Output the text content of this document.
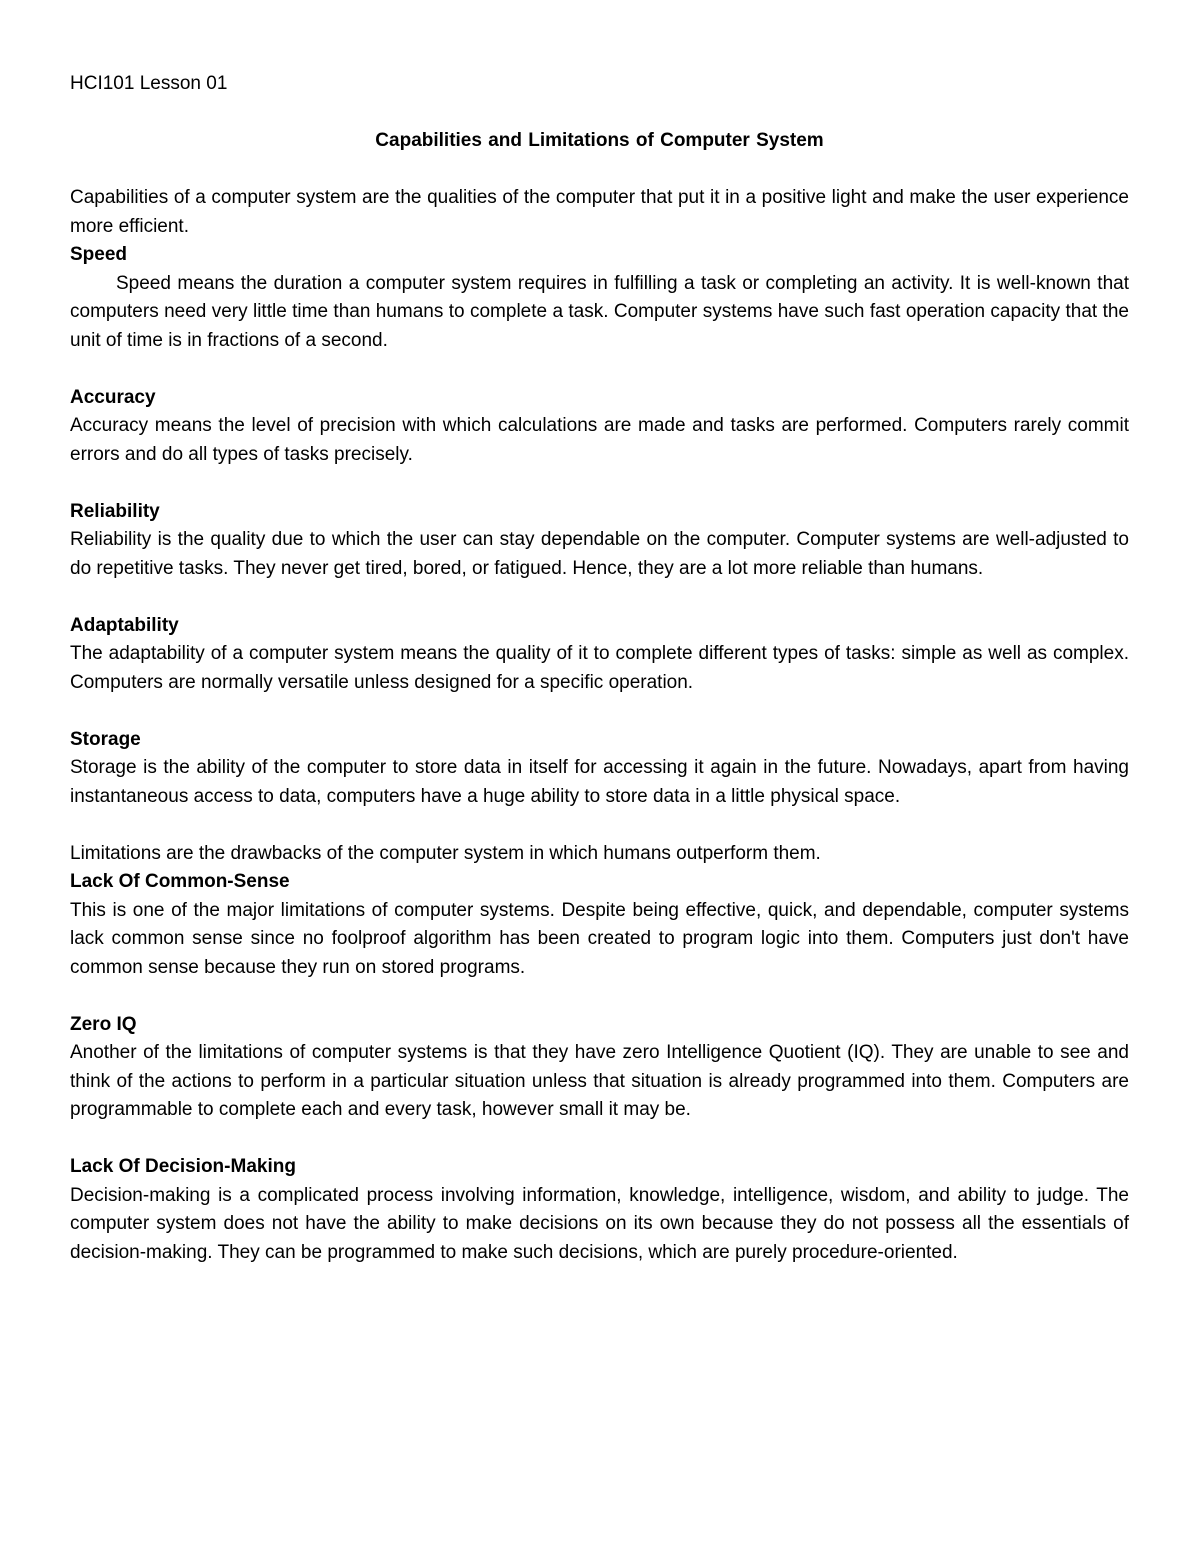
HCI101 Lesson 01

Capabilities and Limitations of Computer System

Capabilities of a computer system are the qualities of the computer that put it in a positive light and make the user experience more efficient.

Speed

Speed means the duration a computer system requires in fulfilling a task or completing an activity. It is well-known that computers need very little time than humans to complete a task. Computer systems have such fast operation capacity that the unit of time is in fractions of a second.

Accuracy

Accuracy means the level of precision with which calculations are made and tasks are performed. Computers rarely commit errors and do all types of tasks precisely.

Reliability

Reliability is the quality due to which the user can stay dependable on the computer. Computer systems are well-adjusted to do repetitive tasks. They never get tired, bored, or fatigued. Hence, they are a lot more reliable than humans.

Adaptability

The adaptability of a computer system means the quality of it to complete different types of tasks: simple as well as complex. Computers are normally versatile unless designed for a specific operation.

Storage

Storage is the ability of the computer to store data in itself for accessing it again in the future. Nowadays, apart from having instantaneous access to data, computers have a huge ability to store data in a little physical space.

Limitations are the drawbacks of the computer system in which humans outperform them.

Lack Of Common-Sense

This is one of the major limitations of computer systems. Despite being effective, quick, and dependable, computer systems lack common sense since no foolproof algorithm has been created to program logic into them. Computers just don't have common sense because they run on stored programs.

Zero IQ

Another of the limitations of computer systems is that they have zero Intelligence Quotient (IQ). They are unable to see and think of the actions to perform in a particular situation unless that situation is already programmed into them. Computers are programmable to complete each and every task, however small it may be.

Lack Of Decision-Making

Decision-making is a complicated process involving information, knowledge, intelligence, wisdom, and ability to judge. The computer system does not have the ability to make decisions on its own because they do not possess all the essentials of decision-making. They can be programmed to make such decisions, which are purely procedure-oriented.
